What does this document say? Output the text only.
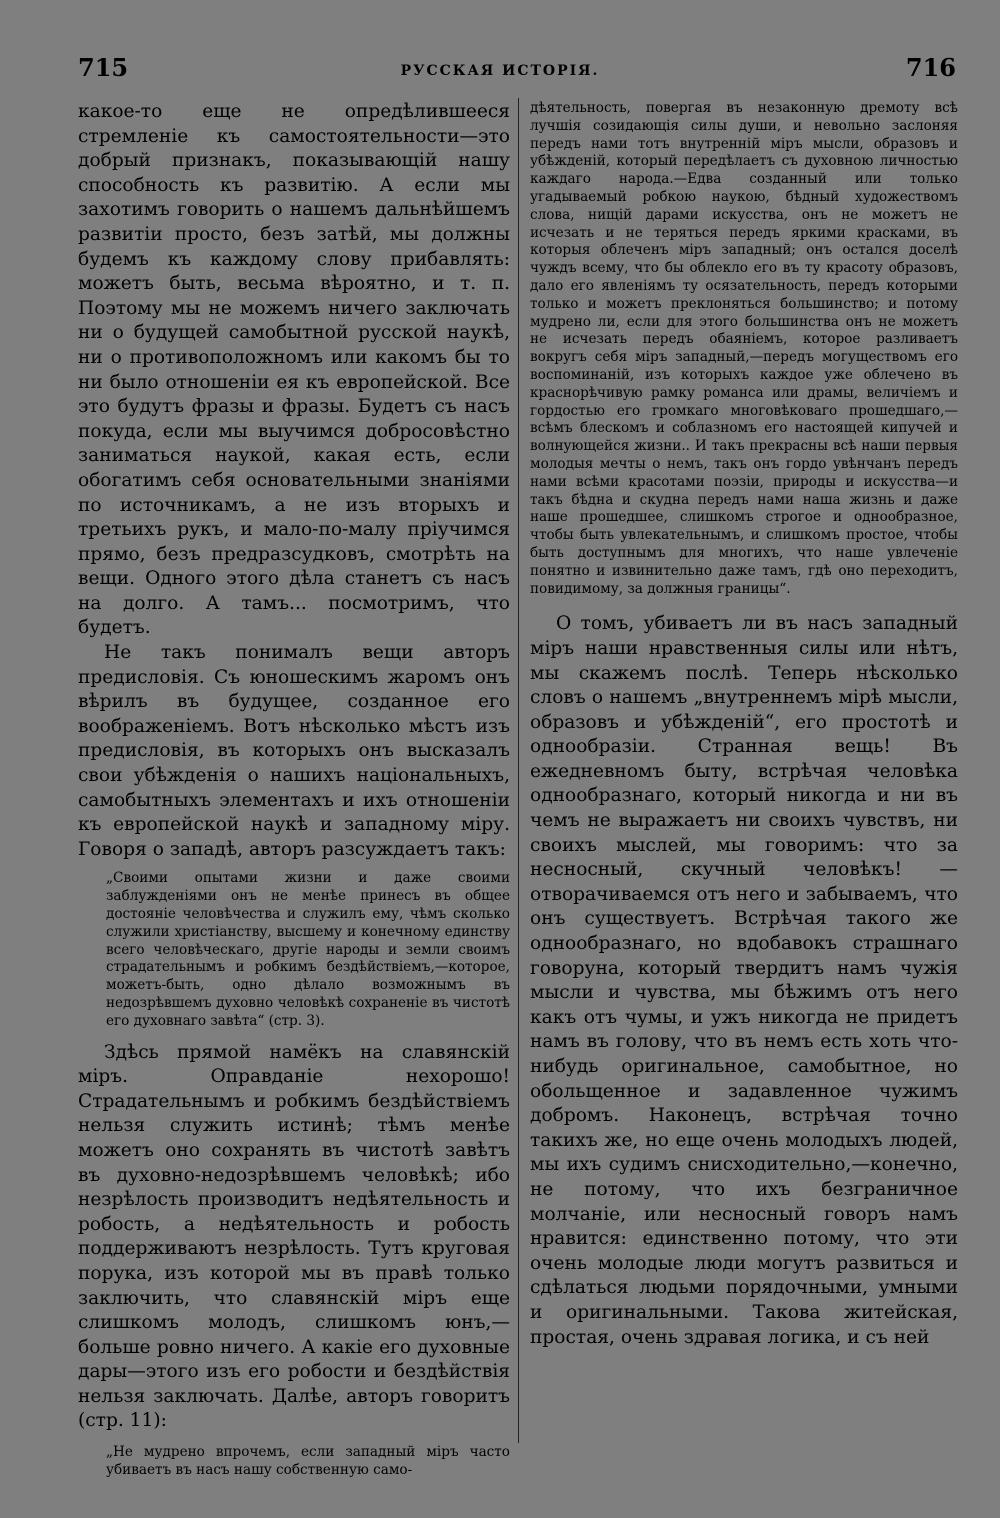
715	РУССКАЯ ИСТОРІЯ.	716

какое-то еще не опредѣлившееся стремленіе къ самостоятельности—это добрый признакъ, показывающій нашу способность къ развитію. А если мы захотимъ говорить о нашемъ дальнѣйшемъ развитіи просто, безъ затѣй, мы должны будемъ къ каждому слову прибавлять: можетъ быть, весьма вѣроятно, и т. п. Поэтому мы не можемъ ничего заключать ни о будущей самобытной русской наукѣ, ни о противоположномъ или какомъ бы то ни было отношеніи ея къ европейской. Все это будутъ фразы и фразы. Будетъ съ насъ покуда, если мы выучимся добросовѣстно заниматься наукой, какая есть, если обогатимъ себя основательными знаніями по источникамъ, а не изъ вторыхъ и третьихъ рукъ, и мало-по-малу пріучимся прямо, безъ предразсудковъ, смотрѣть на вещи. Одного этого дѣла станетъ съ насъ на долго. А тамъ... посмотримъ, что будетъ.

Не такъ понималъ вещи авторъ предисловія. Съ юношескимъ жаромъ онъ вѣрилъ въ будущее, созданное его воображеніемъ. Вотъ нѣсколько мѣстъ изъ предисловія, въ которыхъ онъ высказалъ свои убѣжденія о нашихъ національныхъ, самобытныхъ элементахъ и ихъ отношеніи къ европейской наукѣ и западному міру. Говоря о западѣ, авторъ разсуждаетъ такъ:

„Своими опытами жизни и даже своими заблужденіями онъ не менѣе принесъ въ общее достояніе человѣчества и служилъ ему, чѣмъ сколько служили христіанству, высшему и конечному единству всего человѣческаго, другіе народы и земли своимъ страдательнымъ и робкимъ бездѣйствіемъ,—которое, можетъ-быть, одно дѣлало возможнымъ въ недозрѣвшемъ духовно человѣкѣ сохраненіе въ чистотѣ его духовнаго завѣта“ (стр. 3).

Здѣсь прямой намёкъ на славянскій міръ. Оправданіе нехорошо! Страдательнымъ и робкимъ бездѣйствіемъ нельзя служить истинѣ; тѣмъ менѣе можетъ оно сохранять въ чистотѣ завѣтъ въ духовно-недозрѣвшемъ человѣкѣ; ибо незрѣлость производитъ недѣятельность и робость, а недѣятельность и робость поддерживаютъ незрѣлость. Тутъ круговая порука, изъ которой мы въ правѣ только заключить, что славянскій міръ еще слишкомъ молодъ, слишкомъ юнъ,—больше ровно ничего. А какіе его духовные дары—этого изъ его робости и бездѣйствія нельзя заключать. Далѣе, авторъ говоритъ (стр. 11):

„Не мудрено впрочемъ, если западный міръ часто убиваетъ въ насъ нашу собственную само-

дѣятельность, повергая въ незаконную дремоту всѣ лучшія созидающія силы души, и невольно заслоняя передъ нами тотъ внутренній міръ мысли, образовъ и убѣжденій, который передѣлаетъ съ духовною личностью каждаго народа.—Едва созданный или только угадываемый робкою наукою, бѣдный художествомъ слова, нищій дарами искусства, онъ не можетъ не исчезать и не теряться передъ яркими красками, въ которыя облеченъ міръ западный; онъ остался доселѣ чуждъ всему, что бы облекло его въ ту красоту образовъ, дало его явленіямъ ту осязательность, передъ которыми только и можетъ преклоняться большинство; и потому мудрено ли, если для этого большинства онъ не можетъ не исчезать передъ обаяніемъ, которое разливаетъ вокругъ себя міръ западный,—передъ могуществомъ его воспоминаній, изъ которыхъ каждое уже облечено въ краснорѣчивую рамку романса или драмы, величіемъ и гордостью его громкаго многовѣковаго прошедшаго,—всѣмъ блескомъ и соблазномъ его настоящей кипучей и волнующейся жизни.. И такъ прекрасны всѣ наши первыя молодыя мечты о немъ, такъ онъ гордо увѣнчанъ передъ нами всѣми красотами поэзіи, природы и искусства—и такъ бѣдна и скудна передъ нами наша жизнь и даже наше прошедшее, слишкомъ строгое и однообразное, чтобы быть увлекательнымъ, и слишкомъ простое, чтобы быть доступнымъ для многихъ, что наше увлеченіе понятно и извинительно даже тамъ, гдѣ оно переходитъ, повидимому, за должныя границы“.

О томъ, убиваетъ ли въ насъ западный міръ наши нравственныя силы или нѣтъ, мы скажемъ послѣ. Теперь нѣсколько словъ о нашемъ „внутреннемъ мірѣ мысли, образовъ и убѣжденій“, его простотѣ и однообразіи. Странная вещь! Въ ежедневномъ быту, встрѣчая человѣка однообразнаго, который никогда и ни въ чемъ не выражаетъ ни своихъ чувствъ, ни своихъ мыслей, мы говоримъ: что за несносный, скучный человѣкъ! — отворачиваемся отъ него и забываемъ, что онъ существуетъ. Встрѣчая такого же однообразнаго, но вдобавокъ страшнаго говоруна, который твердитъ намъ чужія мысли и чувства, мы бѣжимъ отъ него какъ отъ чумы, и ужъ никогда не придетъ намъ въ голову, что въ немъ есть хоть что-нибудь оригинальное, самобытное, но обольщенное и задавленное чужимъ добромъ. Наконецъ, встрѣчая точно такихъ же, но еще очень молодыхъ людей, мы ихъ судимъ снисходительно,—конечно, не потому, что ихъ безграничное молчаніе, или несносный говоръ намъ нравится: единственно потому, что эти очень молодые люди могутъ развиться и сдѣлаться людьми порядочными, умными и оригинальными. Такова житейская, простая, очень здравая логика, и съ ней
